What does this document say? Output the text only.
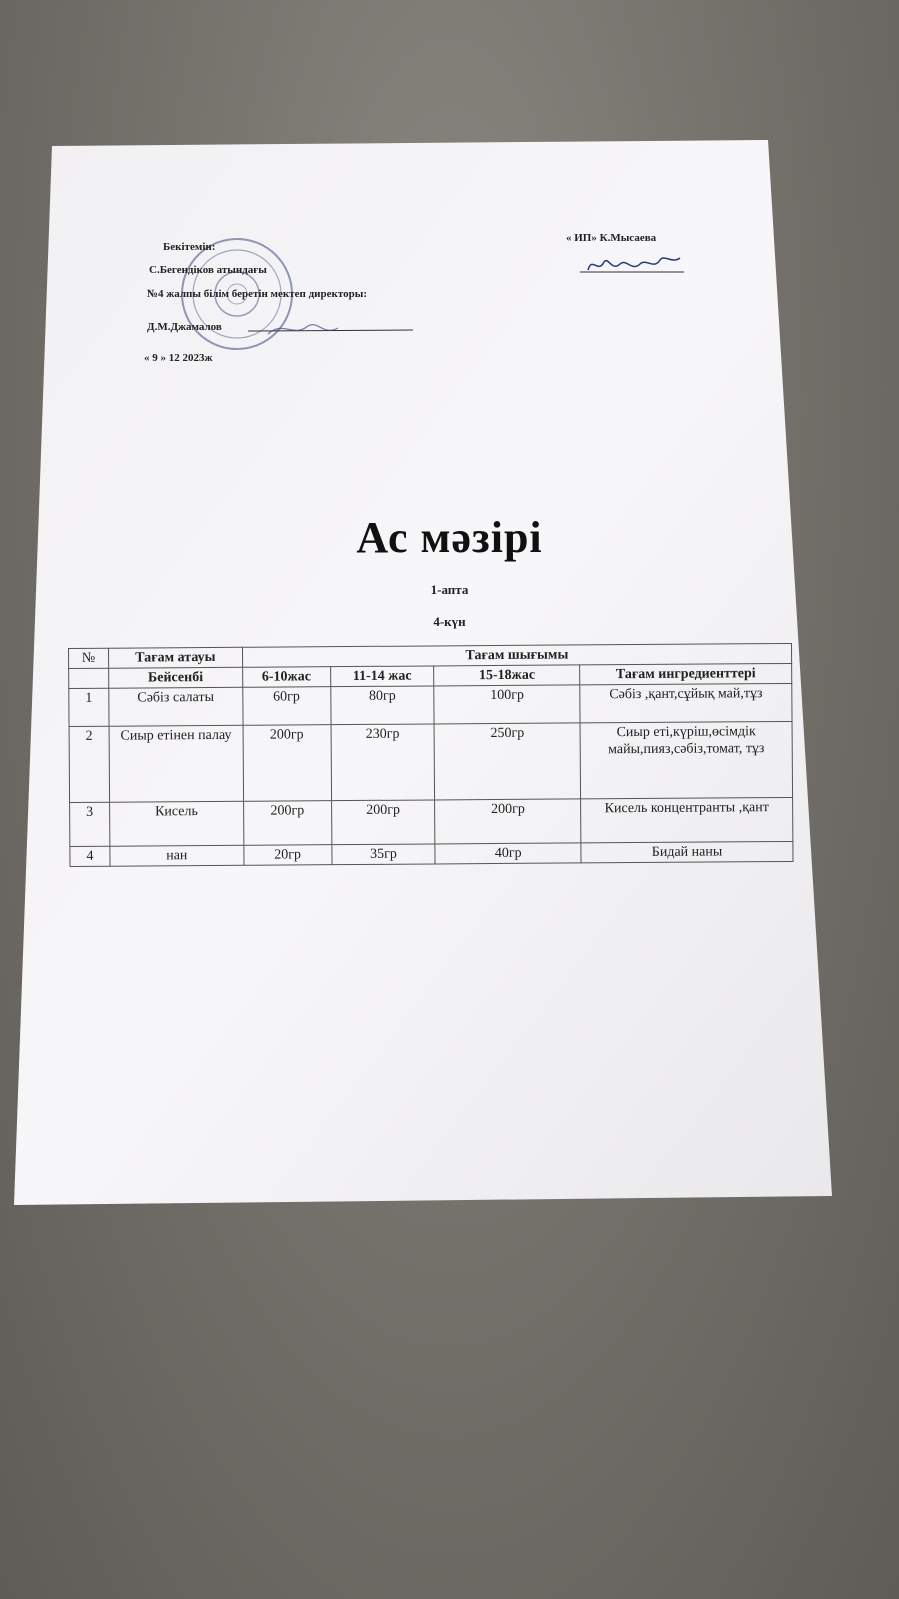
Бекітемін:
С.Бегендіков атындағы
№4 жалпы білім беретін мектеп директоры:
Д.М.Джамалов
« 9 » 12 2023ж
« ИП» К.Мысаева
Ас мәзірі
1-апта
4-күн
№	Тағам атауы	Тағам шығымы			
	Бейсенбі	6-10жас	11-14 жас	15-18жас	Тағам ингредиенттері
1	Сәбіз салаты	60гр	80гр	100гр	Сәбіз ,қант,сұйық май,тұз
2	Сиыр етінен палау	200гр	230гр	250гр	Сиыр еті,күріш,өсімдік майы,пияз,сәбіз,томат, тұз
3	Кисель	200гр	200гр	200гр	Кисель концентранты ,қант
4	нан	20гр	35гр	40гр	Бидай наны
